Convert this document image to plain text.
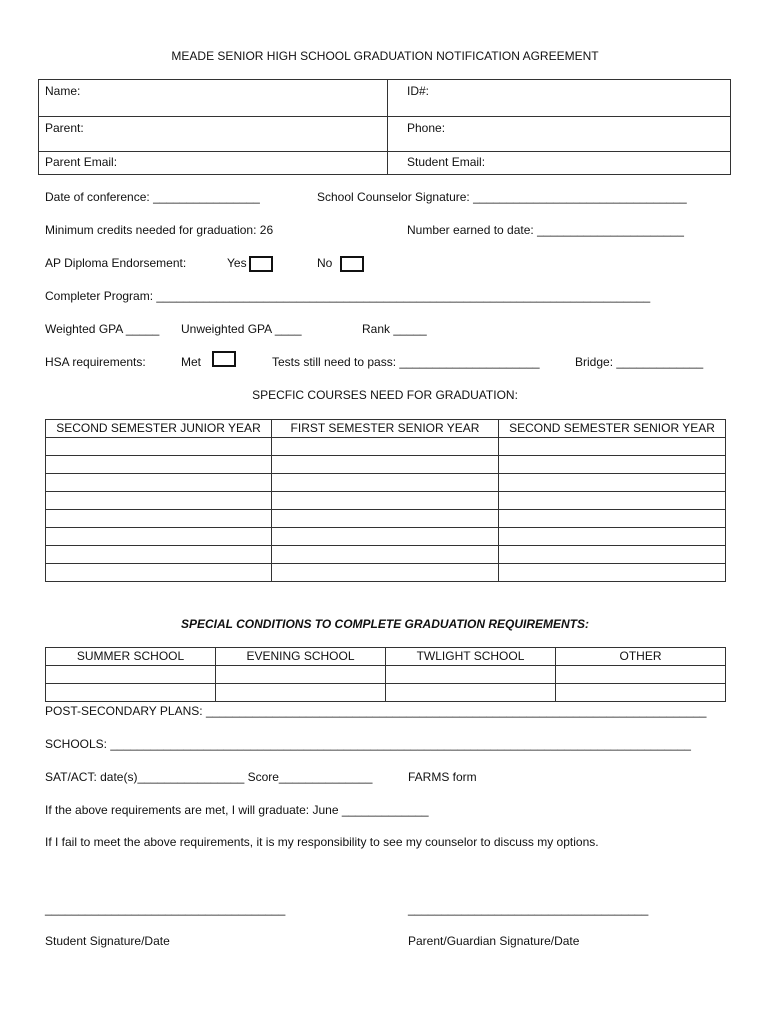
MEADE SENIOR HIGH SCHOOL GRADUATION NOTIFICATION AGREEMENT
Name:	ID#:
Parent:	Phone:
Parent Email:	Student Email:
Date of conference: ________________	School Counselor Signature: ________________________________
Minimum credits needed for graduation: 26	Number earned to date: ______________________
AP Diploma Endorsement:	Yes	No
Completer Program: __________________________________________________________________________
Weighted GPA _____ Unweighted GPA ____	Rank _____
HSA requirements:	Met	Tests still need to pass: _____________________	Bridge: _____________
SPECFIC COURSES NEED FOR GRADUATION:
SECOND SEMESTER JUNIOR YEAR	FIRST SEMESTER SENIOR YEAR	SECOND SEMESTER SENIOR YEAR

SPECIAL CONDITIONS TO COMPLETE GRADUATION REQUIREMENTS:
SUMMER SCHOOL	EVENING SCHOOL	TWLIGHT SCHOOL	OTHER

POST-SECONDARY PLANS: ___________________________________________________________________________
SCHOOLS: _______________________________________________________________________________________
SAT/ACT: date(s)________________ Score______________	FARMS form
If the above requirements are met, I will graduate: June _____________
If I fail to meet the above requirements, it is my responsibility to see my counselor to discuss my options.
____________________________________	____________________________________
Student Signature/Date	Parent/Guardian Signature/Date
